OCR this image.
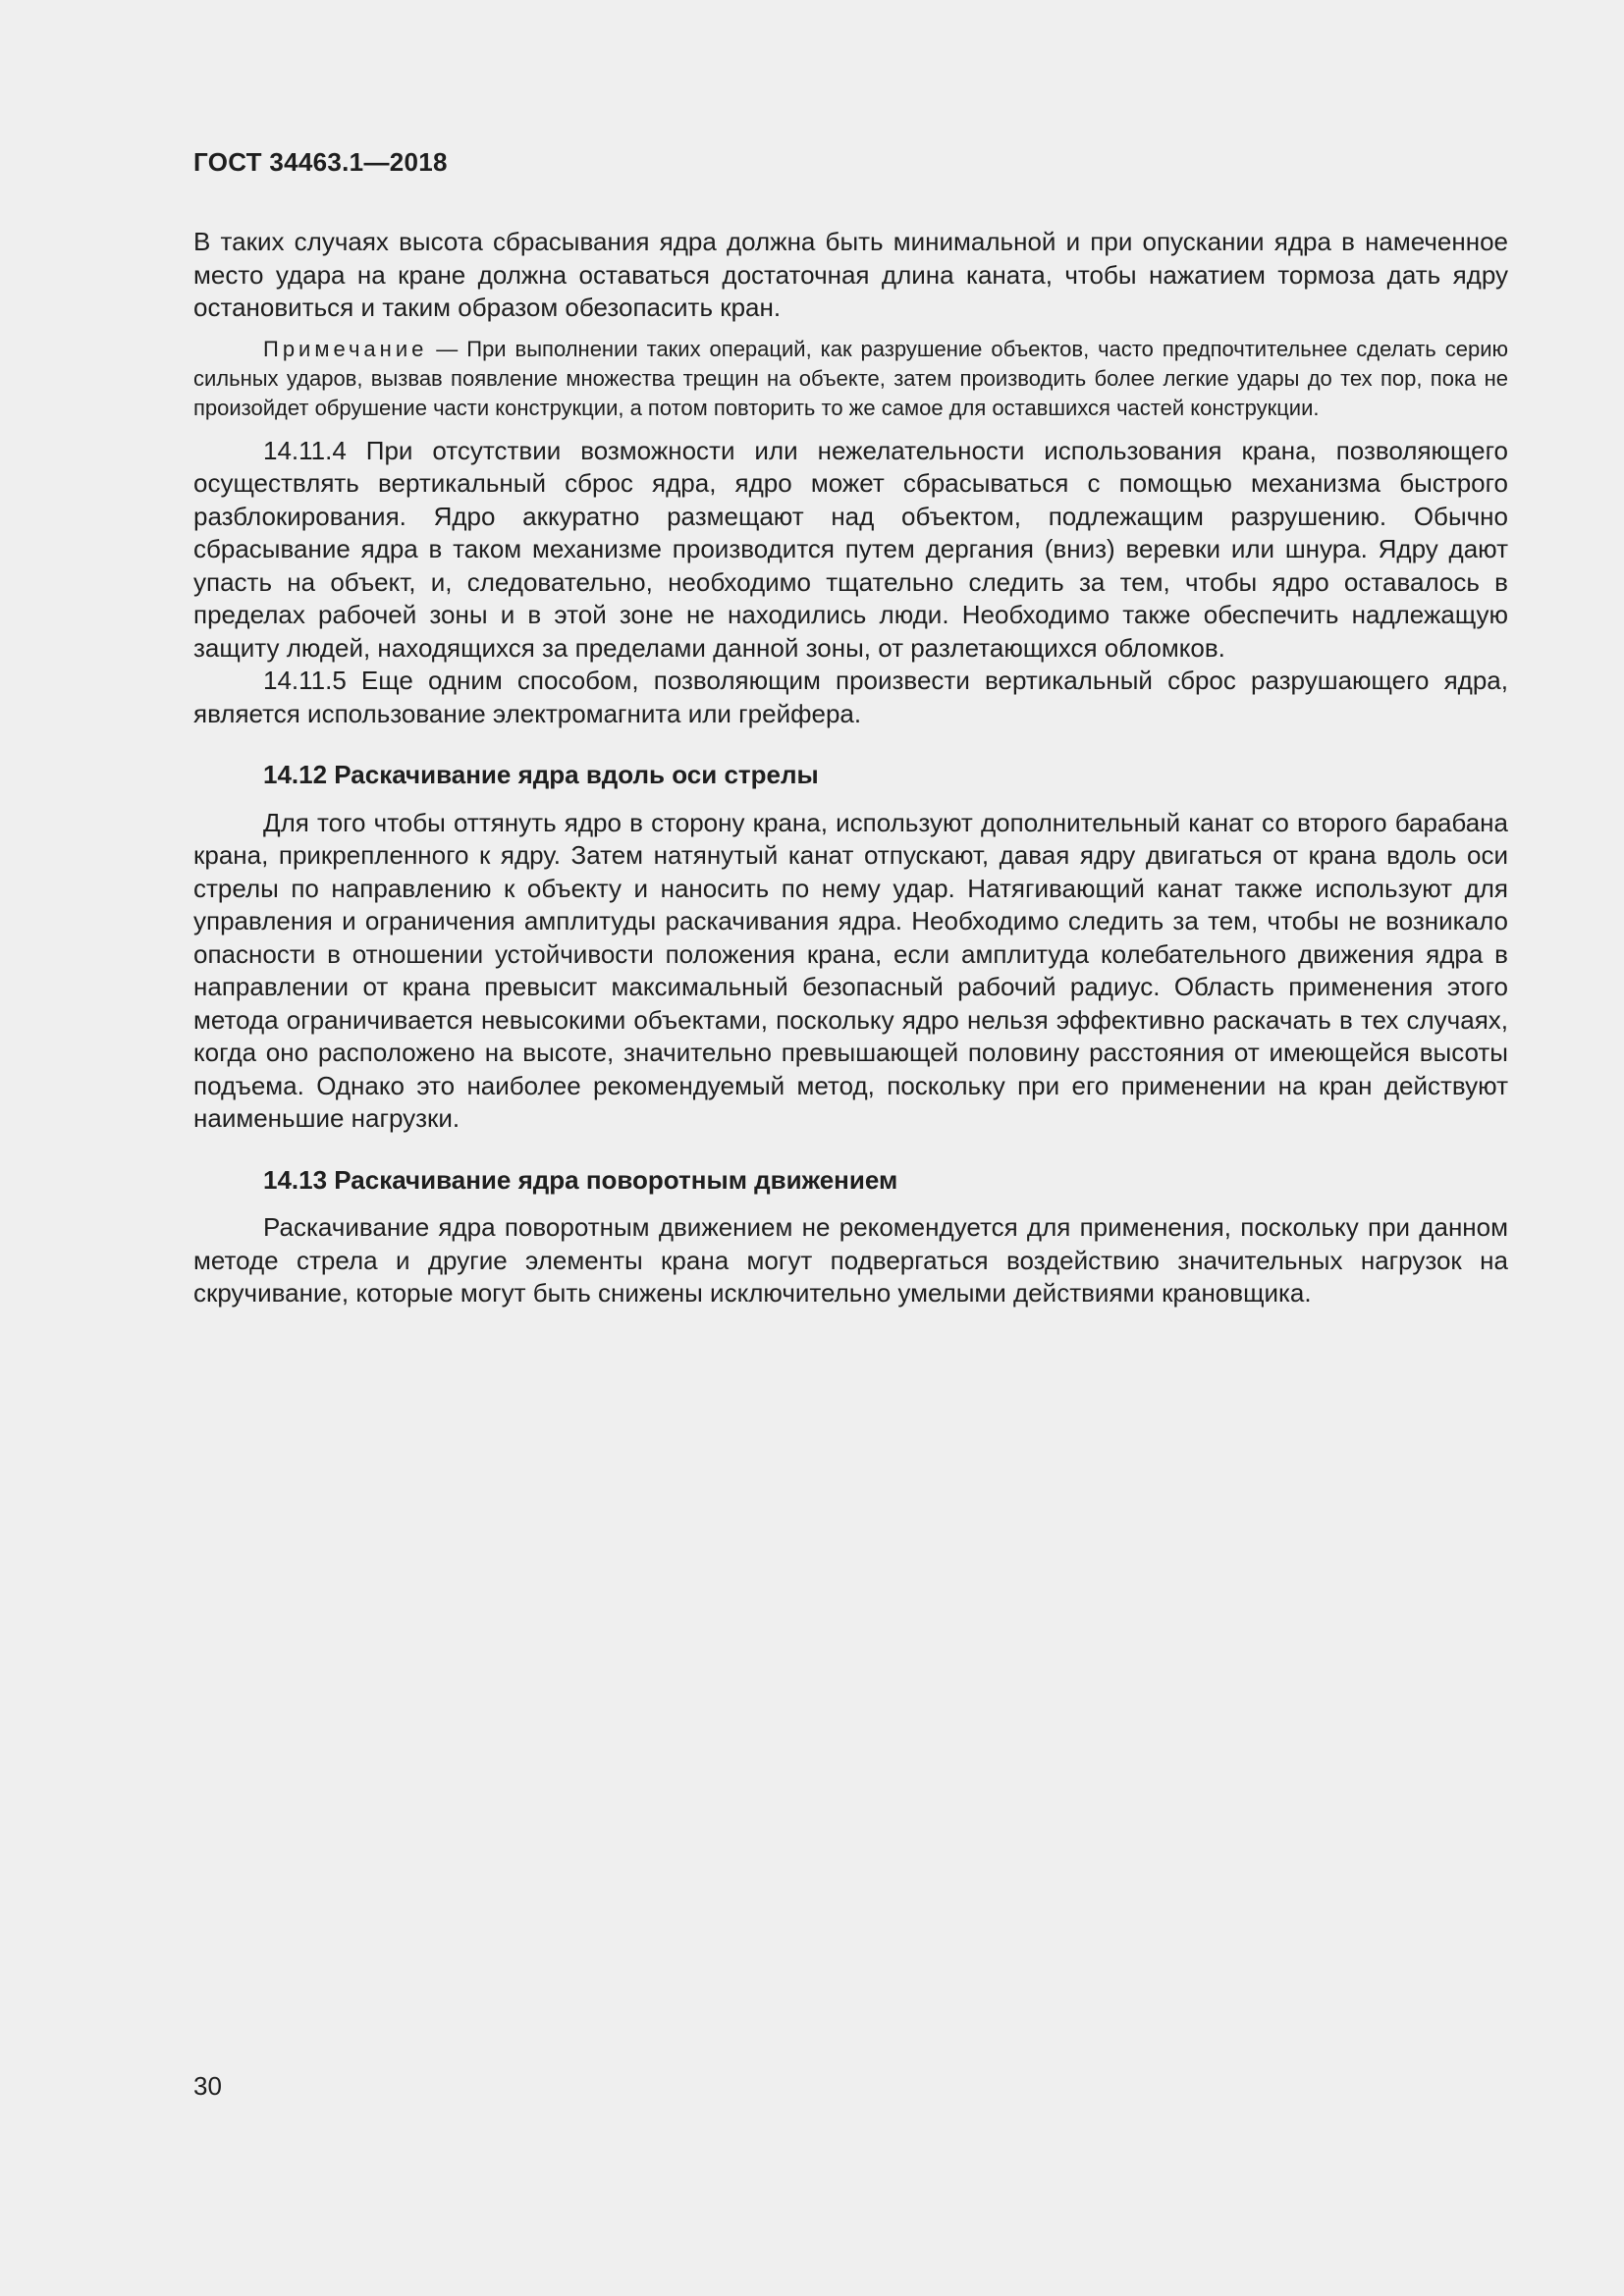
ГОСТ 34463.1—2018

В таких случаях высота сбрасывания ядра должна быть минимальной и при опускании ядра в намеченное место удара на кране должна оставаться достаточная длина каната, чтобы нажатием тормоза дать ядру остановиться и таким образом обезопасить кран.

Примечание — При выполнении таких операций, как разрушение объектов, часто предпочтительнее сделать серию сильных ударов, вызвав появление множества трещин на объекте, затем производить более легкие удары до тех пор, пока не произойдет обрушение части конструкции, а потом повторить то же самое для оставшихся частей конструкции.

14.11.4 При отсутствии возможности или нежелательности использования крана, позволяющего осуществлять вертикальный сброс ядра, ядро может сбрасываться с помощью механизма быстрого разблокирования. Ядро аккуратно размещают над объектом, подлежащим разрушению. Обычно сбрасывание ядра в таком механизме производится путем дергания (вниз) веревки или шнура. Ядру дают упасть на объект, и, следовательно, необходимо тщательно следить за тем, чтобы ядро оставалось в пределах рабочей зоны и в этой зоне не находились люди. Необходимо также обеспечить надлежащую защиту людей, находящихся за пределами данной зоны, от разлетающихся обломков.

14.11.5 Еще одним способом, позволяющим произвести вертикальный сброс разрушающего ядра, является использование электромагнита или грейфера.

14.12 Раскачивание ядра вдоль оси стрелы

Для того чтобы оттянуть ядро в сторону крана, используют дополнительный канат со второго барабана крана, прикрепленного к ядру. Затем натянутый канат отпускают, давая ядру двигаться от крана вдоль оси стрелы по направлению к объекту и наносить по нему удар. Натягивающий канат также используют для управления и ограничения амплитуды раскачивания ядра. Необходимо следить за тем, чтобы не возникало опасности в отношении устойчивости положения крана, если амплитуда колебательного движения ядра в направлении от крана превысит максимальный безопасный рабочий радиус. Область применения этого метода ограничивается невысокими объектами, поскольку ядро нельзя эффективно раскачать в тех случаях, когда оно расположено на высоте, значительно превышающей половину расстояния от имеющейся высоты подъема. Однако это наиболее рекомендуемый метод, поскольку при его применении на кран действуют наименьшие нагрузки.

14.13 Раскачивание ядра поворотным движением

Раскачивание ядра поворотным движением не рекомендуется для применения, поскольку при данном методе стрела и другие элементы крана могут подвергаться воздействию значительных нагрузок на скручивание, которые могут быть снижены исключительно умелыми действиями крановщика.

30
